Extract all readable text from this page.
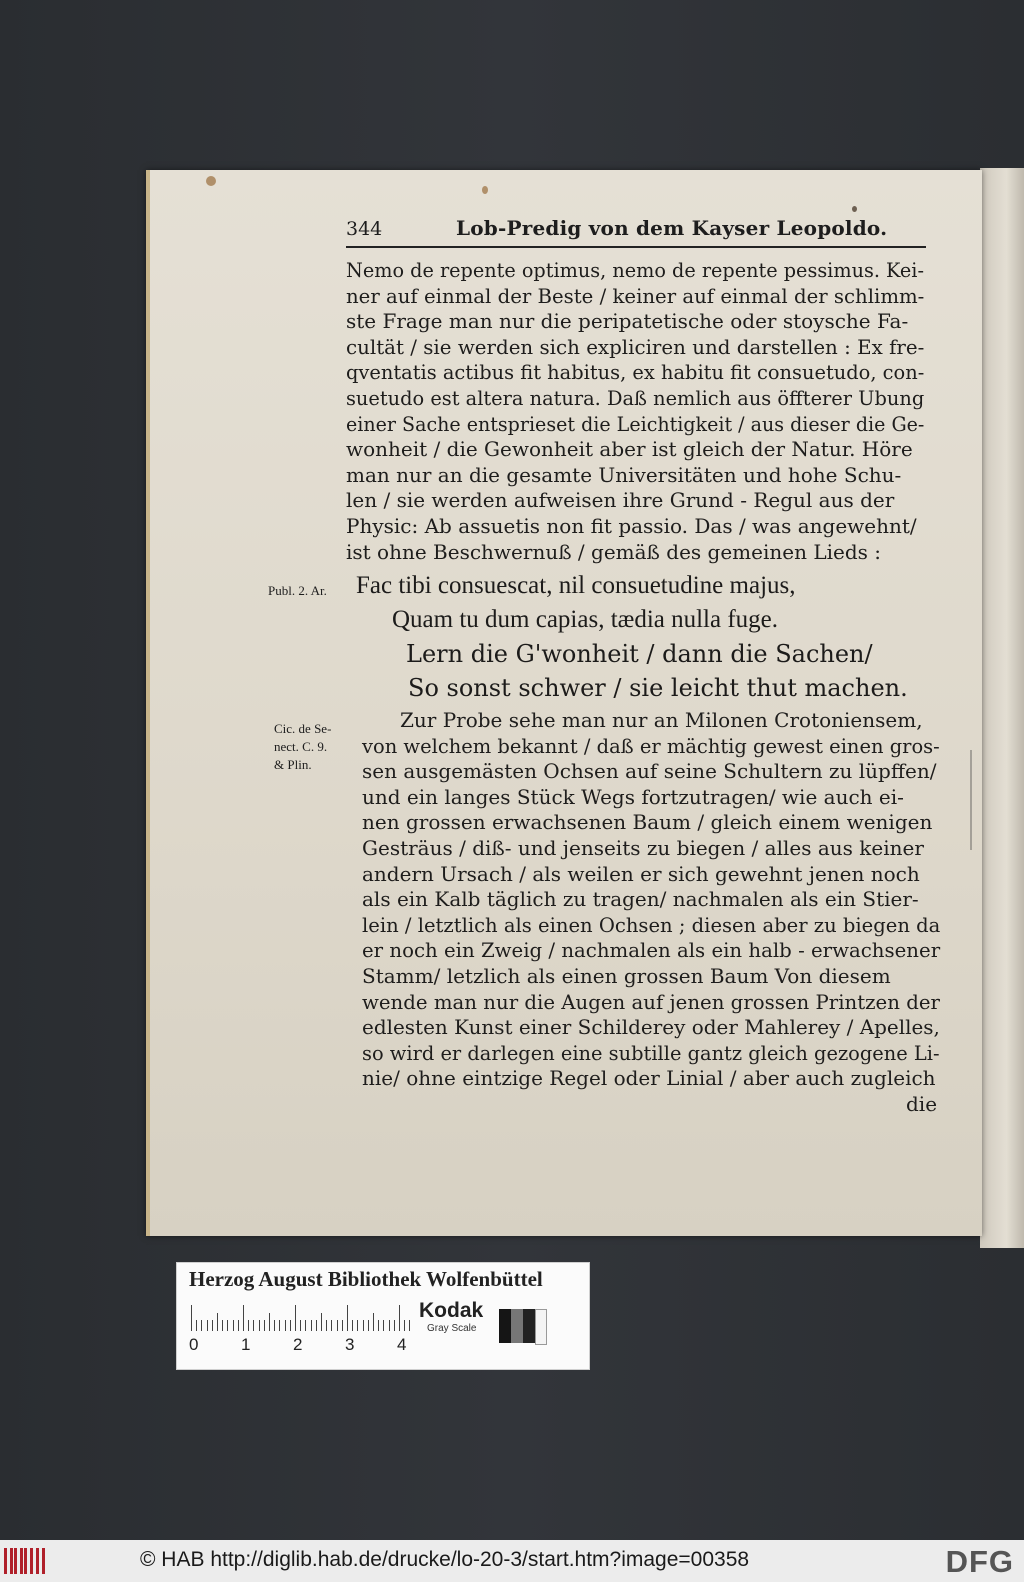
344	Lob-Predig von dem Kayser Leopoldo.
Nemo de repente optimus, nemo de repente pessimus. Kei-
ner auf einmal der Beste / keiner auf einmal der schlimm-
ste Frage man nur die peripatetische oder stoysche Fa-
cultät / sie werden sich expliciren und darstellen : Ex fre-
qventatis actibus fit habitus, ex habitu fit consuetudo, con-
suetudo est altera natura. Daß nemlich aus öffterer Ubung
einer Sache entsprieset die Leichtigkeit / aus dieser die Ge-
wonheit / die Gewonheit aber ist gleich der Natur. Höre
man nur an die gesamte Universitäten und hohe Schu-
len / sie werden aufweisen ihre Grund - Regul aus der
Physic: Ab assuetis non fit passio. Das / was angewehnt/
ist ohne Beschwernuß / gemäß des gemeinen Lieds :
Publ. 2. Ar. Fac tibi consuescat, nil consuetudine majus,
Quam tu dum capias, tædia nulla fuge.
Lern die G'wonheit / dann die Sachen/
So sonst schwer / sie leicht thut machen.
Cic. de Se-
nect. C. 9.
& Plin.
Zur Probe sehe man nur an Milonen Crotoniensem,
von welchem bekannt / daß er mächtig gewest einen gros-
sen ausgemästen Ochsen auf seine Schultern zu lüpffen/
und ein langes Stück Wegs fortzutragen/ wie auch ei-
nen grossen erwachsenen Baum / gleich einem wenigen
Gesträus / diß- und jenseits zu biegen / alles aus keiner
andern Ursach / als weilen er sich gewehnt jenen noch
als ein Kalb täglich zu tragen/ nachmalen als ein Stier-
lein / letztlich als einen Ochsen ; diesen aber zu biegen da
er noch ein Zweig / nachmalen als ein halb - erwachsener
Stamm/ letzlich als einen grossen Baum Von diesem
wende man nur die Augen auf jenen grossen Printzen der
edlesten Kunst einer Schilderey oder Mahlerey / Apelles,
so wird er darlegen eine subtille gantz gleich gezogene Li-
nie/ ohne eintzige Regel oder Linial / aber auch zugleich
die
Herzog August Bibliothek Wolfenbüttel
0	1	2	3	4
Kodak
Gray Scale
© HAB http://diglib.hab.de/drucke/lo-20-3/start.htm?image=00358	DFG
